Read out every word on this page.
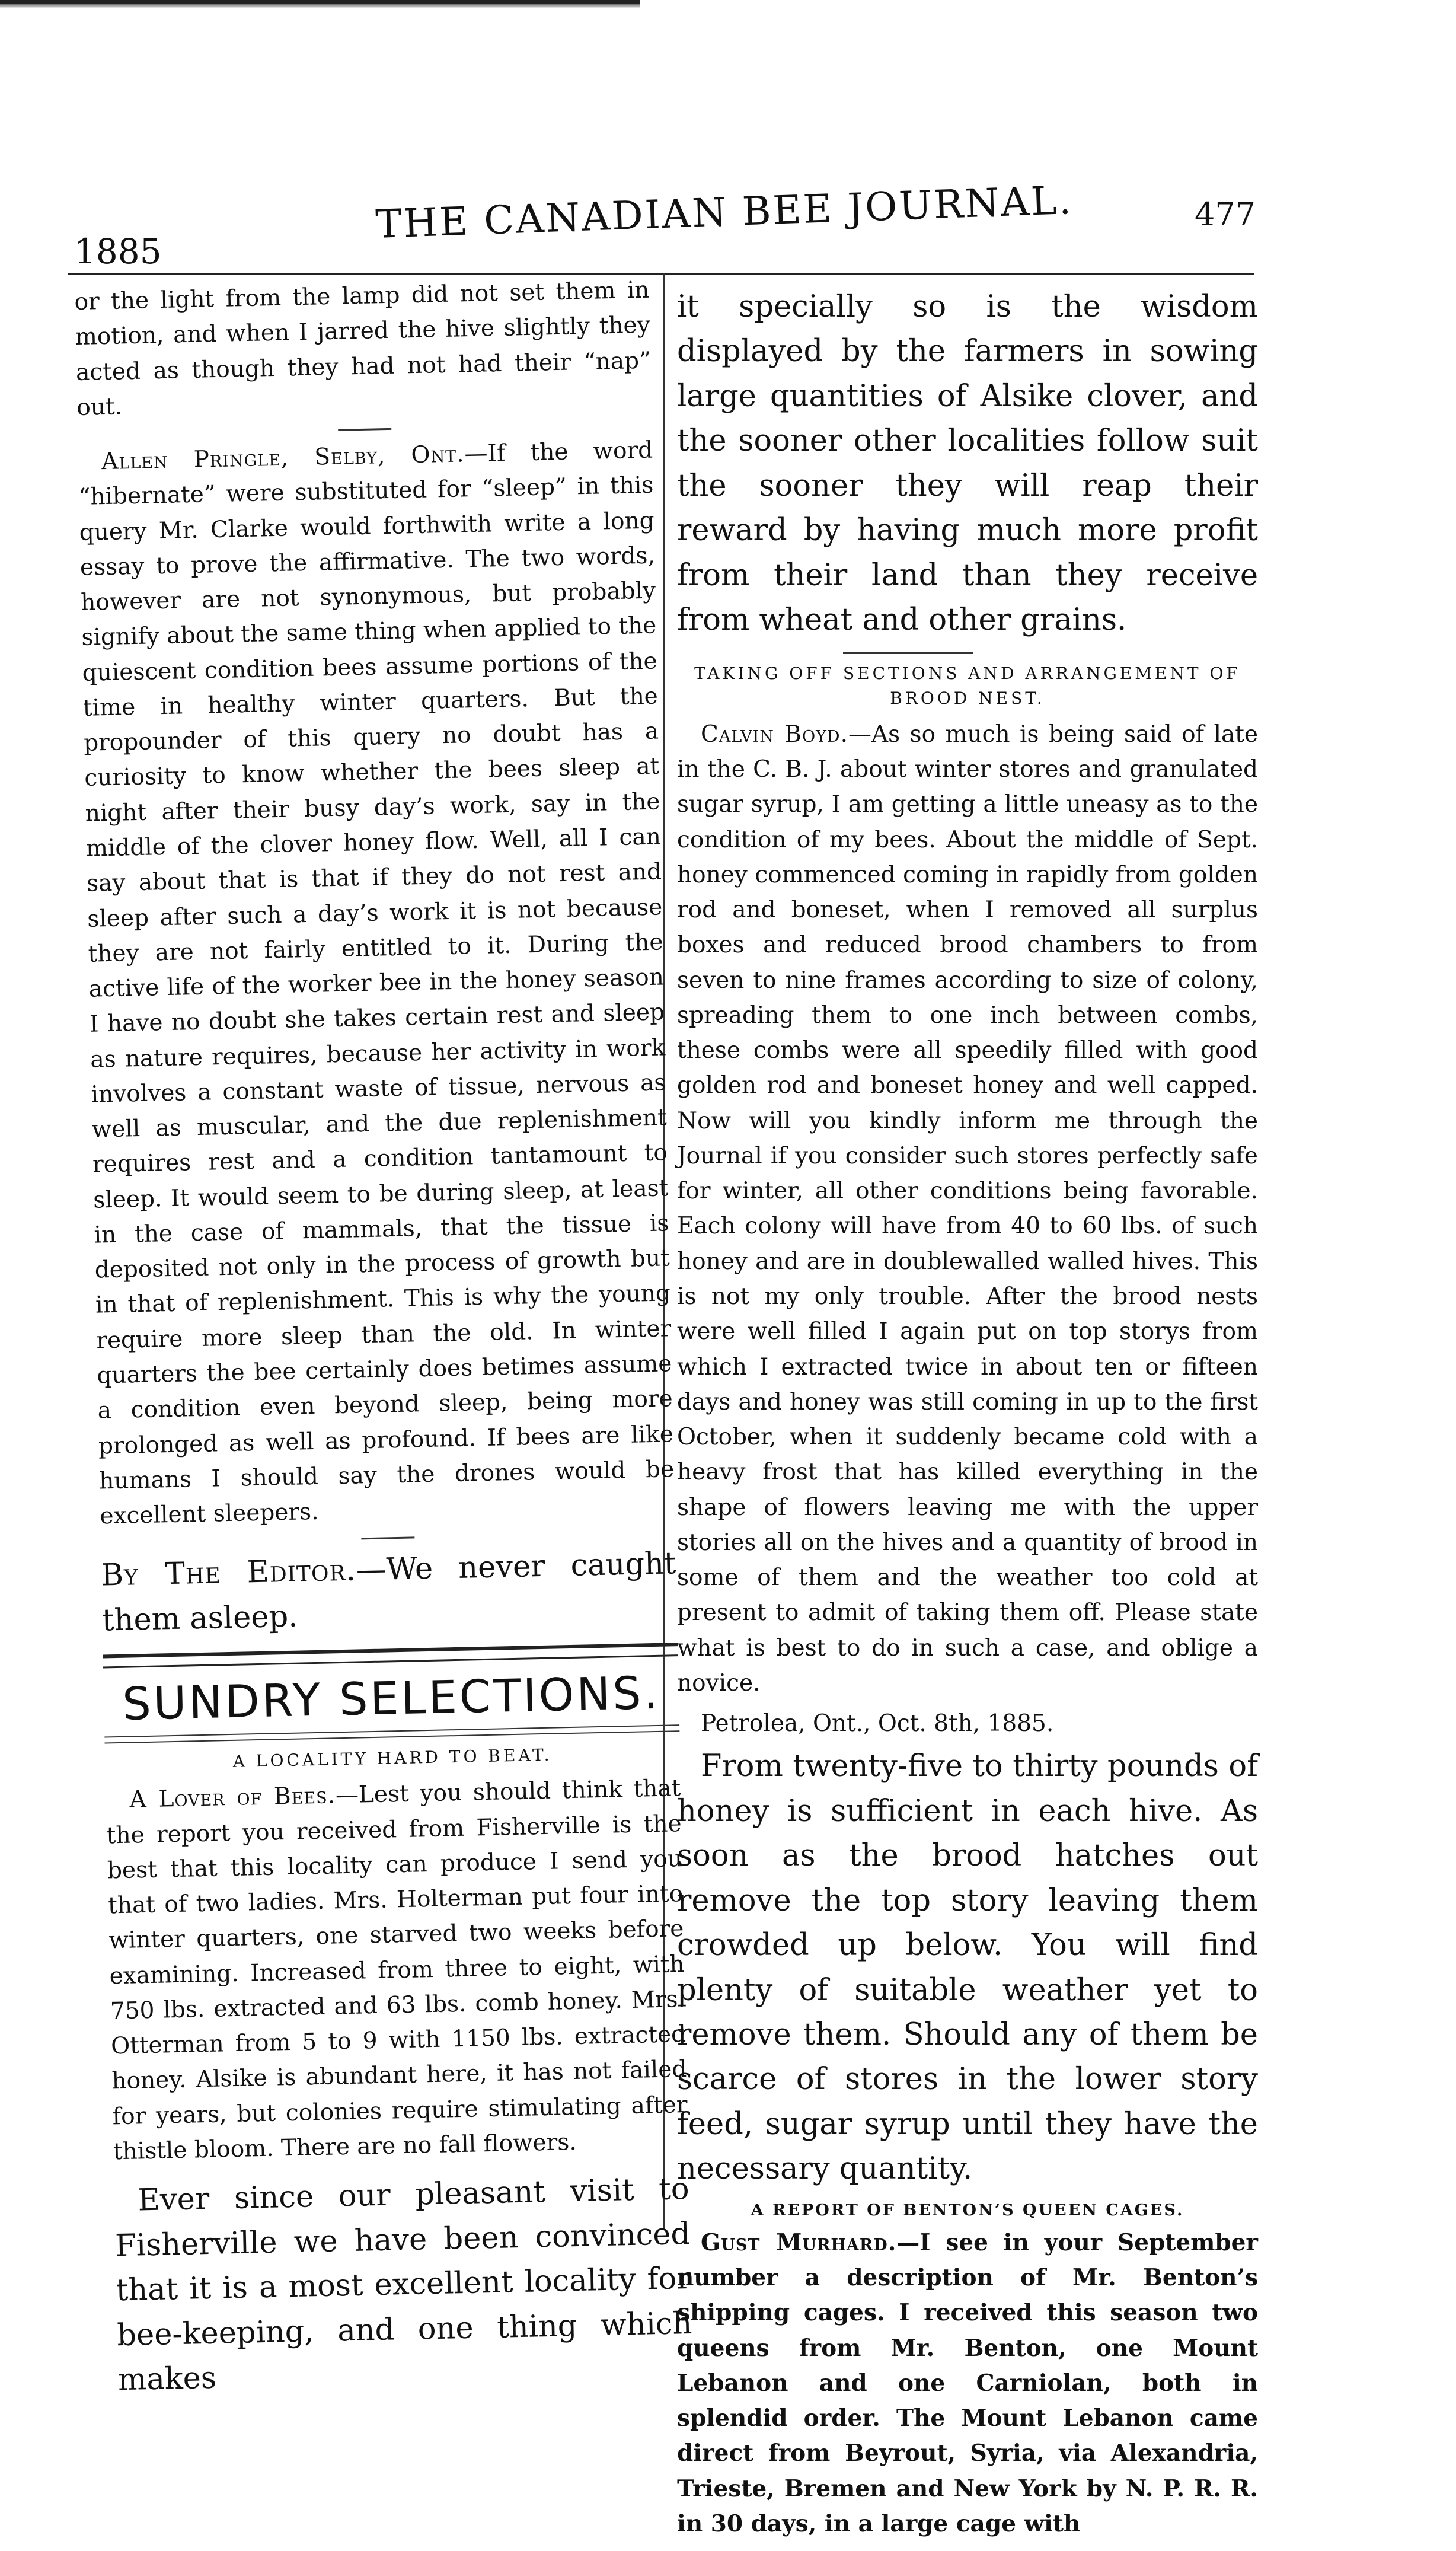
1885
THE CANADIAN BEE JOURNAL.	477

or the light from the lamp did not set them in motion, and when I jarred the hive slightly they acted as though they had not had their “nap” out.

Allen Pringle, Selby, Ont.—If the word “hibernate” were substituted for “sleep” in this query Mr. Clarke would forthwith write a long essay to prove the affirmative. The two words, however are not synonymous, but probably signify about the same thing when applied to the quiescent condition bees assume portions of the time in healthy winter quarters. But the propounder of this query no doubt has a curiosity to know whether the bees sleep at night after their busy day’s work, say in the middle of the clover honey flow. Well, all I can say about that is that if they do not rest and sleep after such a day’s work it is not because they are not fairly entitled to it. During the active life of the worker bee in the honey season I have no doubt she takes certain rest and sleep as nature requires, because her activity in work involves a constant waste of tissue, nervous as well as muscular, and the due replenishment requires rest and a condition tantamount to sleep. It would seem to be during sleep, at least in the case of mammals, that the tissue is deposited not only in the process of growth but in that of replenishment. This is why the young require more sleep than the old. In winter quarters the bee certainly does betimes assume a condition even beyond sleep, being more prolonged as well as profound. If bees are like humans I should say the drones would be excellent sleepers.

By The Editor.—We never caught them asleep.

SUNDRY SELECTIONS.
A LOCALITY HARD TO BEAT.

A Lover of Bees.—Lest you should think that the report you received from Fisherville is the best that this locality can produce I send you that of two ladies. Mrs. Holterman put four into winter quarters, one starved two weeks before examining. Increased from three to eight, with 750 lbs. extracted and 63 lbs. comb honey. Mrs. Otterman from 5 to 9 with 1150 lbs. extracted honey. Alsike is abundant here, it has not failed for years, but colonies require stimulating after thistle bloom. There are no fall flowers.

Ever since our pleasant visit to Fisherville we have been convinced that it is a most excellent locality for bee-keeping, and one thing which makes

it specially so is the wisdom displayed by the farmers in sowing large quantities of Alsike clover, and the sooner other localities follow suit the sooner they will reap their reward by having much more profit from their land than they receive from wheat and other grains.

TAKING OFF SECTIONS AND ARRANGEMENT OF BROOD NEST.

Calvin Boyd.—As so much is being said of late in the C. B. J. about winter stores and granulated sugar syrup, I am getting a little uneasy as to the condition of my bees. About the middle of Sept. honey commenced coming in rapidly from golden rod and boneset, when I removed all surplus boxes and reduced brood chambers to from seven to nine frames according to size of colony, spreading them to one inch between combs, these combs were all speedily filled with good golden rod and boneset honey and well capped. Now will you kindly inform me through the Journal if you consider such stores perfectly safe for winter, all other conditions being favorable. Each colony will have from 40 to 60 lbs. of such honey and are in doublewalled walled hives. This is not my only trouble. After the brood nests were well filled I again put on top storys from which I extracted twice in about ten or fifteen days and honey was still coming in up to the first October, when it suddenly became cold with a heavy frost that has killed everything in the shape of flowers leaving me with the upper stories all on the hives and a quantity of brood in some of them and the weather too cold at present to admit of taking them off. Please state what is best to do in such a case, and oblige a novice.

Petrolea, Ont., Oct. 8th, 1885.

From twenty-five to thirty pounds of honey is sufficient in each hive. As soon as the brood hatches out remove the top story leaving them crowded up below. You will find plenty of suitable weather yet to remove them. Should any of them be scarce of stores in the lower story feed, sugar syrup until they have the necessary quantity.

A REPORT OF BENTON’S QUEEN CAGES.

Gust Murhard.—I see in your September number a description of Mr. Benton’s shipping cages. I received this season two queens from Mr. Benton, one Mount Lebanon and one Carniolan, both in splendid order. The Mount Lebanon came direct from Beyrout, Syria, via Alexandria, Trieste, Bremen and New York by N. P. R. R. in 30 days, in a large cage with
